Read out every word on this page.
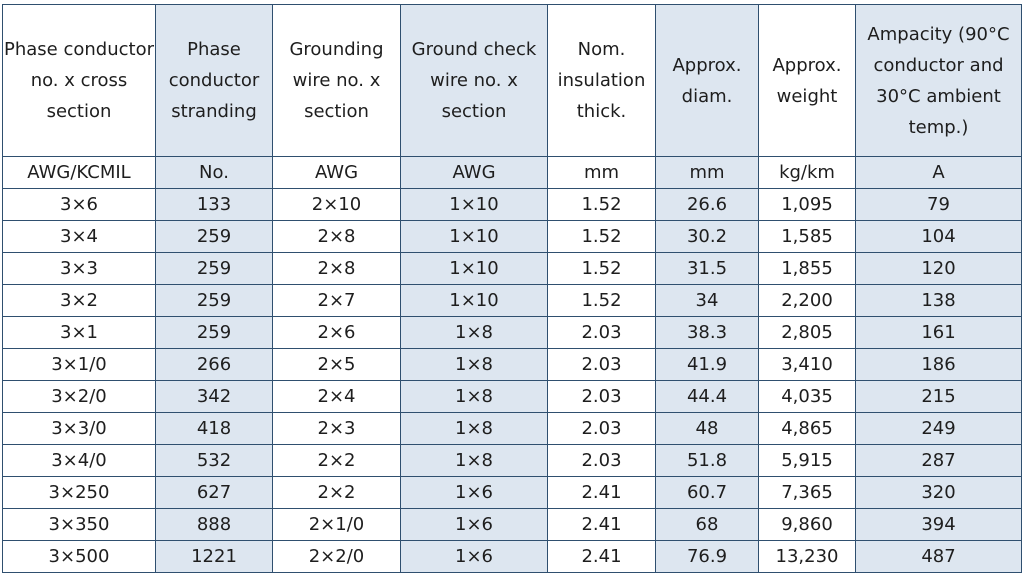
Phase conductor no. x cross section	Phase conductor stranding	Grounding wire no. x section	Ground check wire no. x section	Nom. insulation thick.	Approx. diam.	Approx. weight	Ampacity (90°C conductor and 30°C ambient temp.)
AWG/KCMIL	No.	AWG	AWG	mm	mm	kg/km	A
3×6	133	2×10	1×10	1.52	26.6	1,095	79
3×4	259	2×8	1×10	1.52	30.2	1,585	104
3×3	259	2×8	1×10	1.52	31.5	1,855	120
3×2	259	2×7	1×10	1.52	34	2,200	138
3×1	259	2×6	1×8	2.03	38.3	2,805	161
3×1/0	266	2×5	1×8	2.03	41.9	3,410	186
3×2/0	342	2×4	1×8	2.03	44.4	4,035	215
3×3/0	418	2×3	1×8	2.03	48	4,865	249
3×4/0	532	2×2	1×8	2.03	51.8	5,915	287
3×250	627	2×2	1×6	2.41	60.7	7,365	320
3×350	888	2×1/0	1×6	2.41	68	9,860	394
3×500	1221	2×2/0	1×6	2.41	76.9	13,230	487
